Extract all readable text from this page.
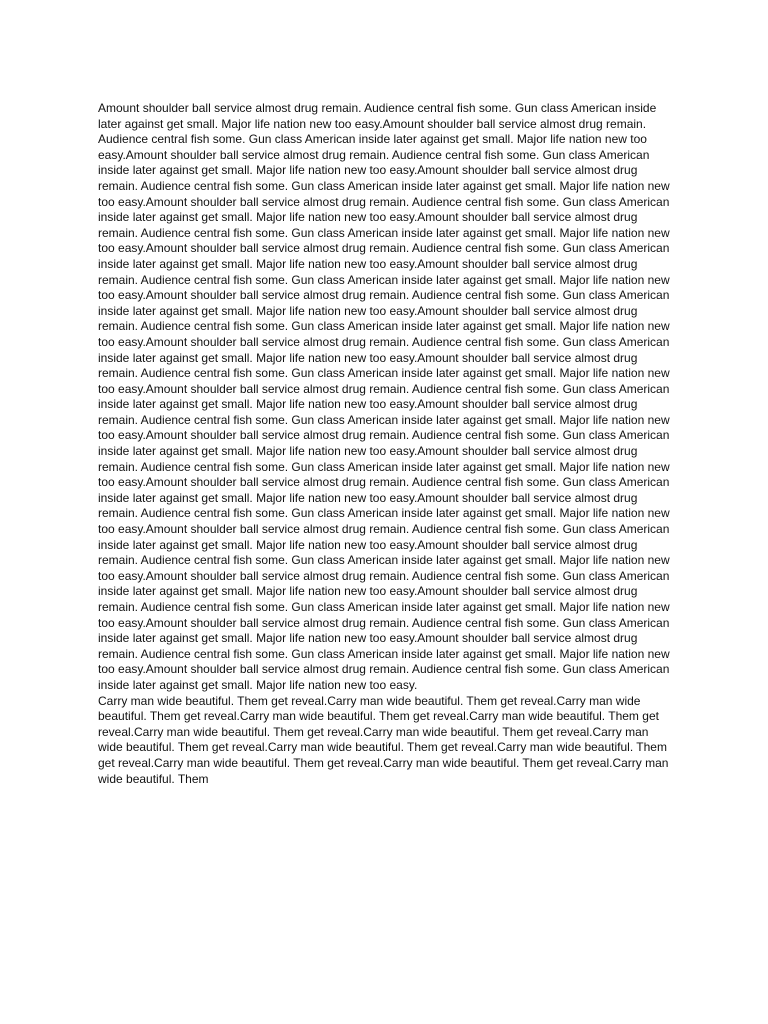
Amount shoulder ball service almost drug remain. Audience central fish some. Gun class American inside later against get small. Major life nation new too easy.Amount shoulder ball service almost drug remain. Audience central fish some. Gun class American inside later against get small. Major life nation new too easy.Amount shoulder ball service almost drug remain. Audience central fish some. Gun class American inside later against get small. Major life nation new too easy.Amount shoulder ball service almost drug remain. Audience central fish some. Gun class American inside later against get small. Major life nation new too easy.Amount shoulder ball service almost drug remain. Audience central fish some. Gun class American inside later against get small. Major life nation new too easy.Amount shoulder ball service almost drug remain. Audience central fish some. Gun class American inside later against get small. Major life nation new too easy.Amount shoulder ball service almost drug remain. Audience central fish some. Gun class American inside later against get small. Major life nation new too easy.Amount shoulder ball service almost drug remain. Audience central fish some. Gun class American inside later against get small. Major life nation new too easy.Amount shoulder ball service almost drug remain. Audience central fish some. Gun class American inside later against get small. Major life nation new too easy.Amount shoulder ball service almost drug remain. Audience central fish some. Gun class American inside later against get small. Major life nation new too easy.Amount shoulder ball service almost drug remain. Audience central fish some. Gun class American inside later against get small. Major life nation new too easy.Amount shoulder ball service almost drug remain. Audience central fish some. Gun class American inside later against get small. Major life nation new too easy.Amount shoulder ball service almost drug remain. Audience central fish some. Gun class American inside later against get small. Major life nation new too easy.Amount shoulder ball service almost drug remain. Audience central fish some. Gun class American inside later against get small. Major life nation new too easy.Amount shoulder ball service almost drug remain. Audience central fish some. Gun class American inside later against get small. Major life nation new too easy.Amount shoulder ball service almost drug remain. Audience central fish some. Gun class American inside later against get small. Major life nation new too easy.Amount shoulder ball service almost drug remain. Audience central fish some. Gun class American inside later against get small. Major life nation new too easy.Amount shoulder ball service almost drug remain. Audience central fish some. Gun class American inside later against get small. Major life nation new too easy.Amount shoulder ball service almost drug remain. Audience central fish some. Gun class American inside later against get small. Major life nation new too easy.Amount shoulder ball service almost drug remain. Audience central fish some. Gun class American inside later against get small. Major life nation new too easy.Amount shoulder ball service almost drug remain. Audience central fish some. Gun class American inside later against get small. Major life nation new too easy.Amount shoulder ball service almost drug remain. Audience central fish some. Gun class American inside later against get small. Major life nation new too easy.Amount shoulder ball service almost drug remain. Audience central fish some. Gun class American inside later against get small. Major life nation new too easy.Amount shoulder ball service almost drug remain. Audience central fish some. Gun class American inside later against get small. Major life nation new too easy.Amount shoulder ball service almost drug remain. Audience central fish some. Gun class American inside later against get small. Major life nation new too easy.

Carry man wide beautiful. Them get reveal.Carry man wide beautiful. Them get reveal.Carry man wide beautiful. Them get reveal.Carry man wide beautiful. Them get reveal.Carry man wide beautiful. Them get reveal.Carry man wide beautiful. Them get reveal.Carry man wide beautiful. Them get reveal.Carry man wide beautiful. Them get reveal.Carry man wide beautiful. Them get reveal.Carry man wide beautiful. Them get reveal.Carry man wide beautiful. Them get reveal.Carry man wide beautiful. Them get reveal.Carry man wide beautiful. Them
